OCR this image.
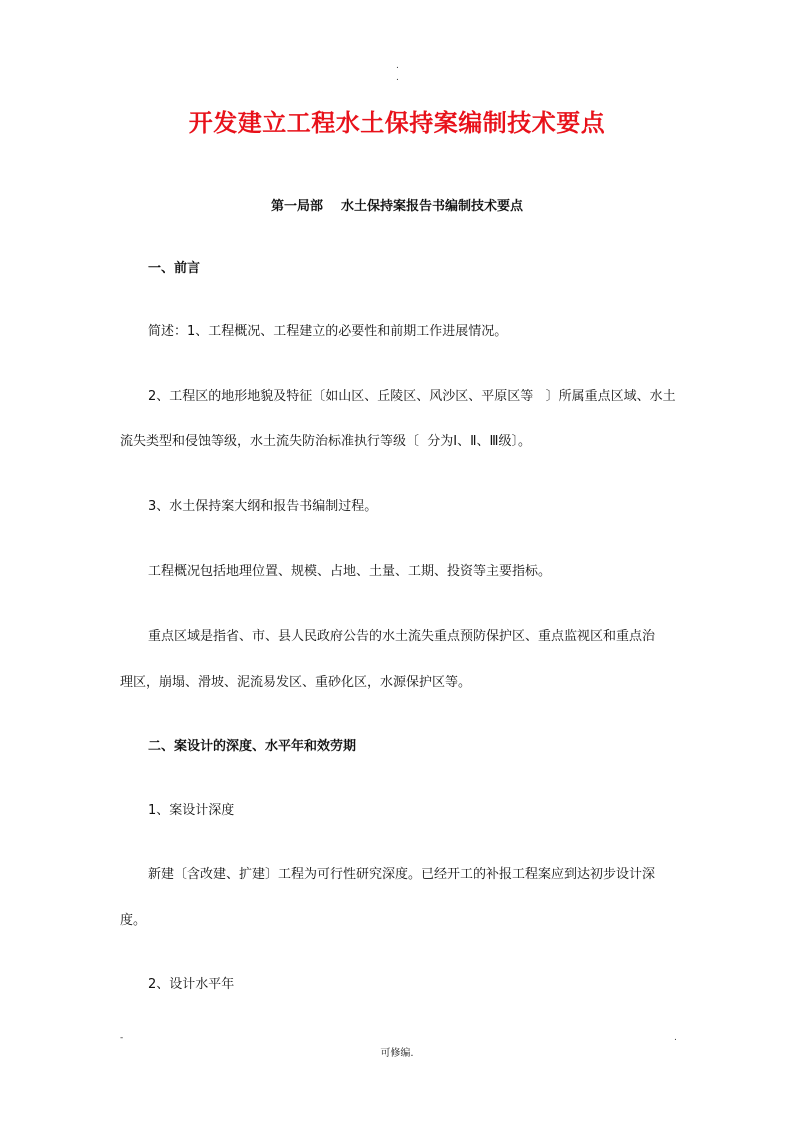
.
.
开发建立工程水土保持案编制技术要点
第一局部    水土保持案报告书编制技术要点
一、前言
简述：1、工程概况、工程建立的必要性和前期工作进展情况。
2、工程区的地形地貌及特征〔如山区、丘陵区、风沙区、平原区等   〕所属重点区域、水土
流失类型和侵蚀等级，水土流失防治标准执行等级〔  分为Ⅰ、Ⅱ、Ⅲ级〕。
3、水土保持案大纲和报告书编制过程。
工程概况包括地理位置、规模、占地、土量、工期、投资等主要指标。
重点区域是指省、市、县人民政府公告的水土流失重点预防保护区、重点监视区和重点治
理区，崩塌、滑坡、泥流易发区、重砂化区，水源保护区等。
二、案设计的深度、水平年和效劳期
1、案设计深度
新建〔含改建、扩建〕工程为可行性研究深度。已经开工的补报工程案应到达初步设计深
度。
2、设计水平年
-	.
可修编.
